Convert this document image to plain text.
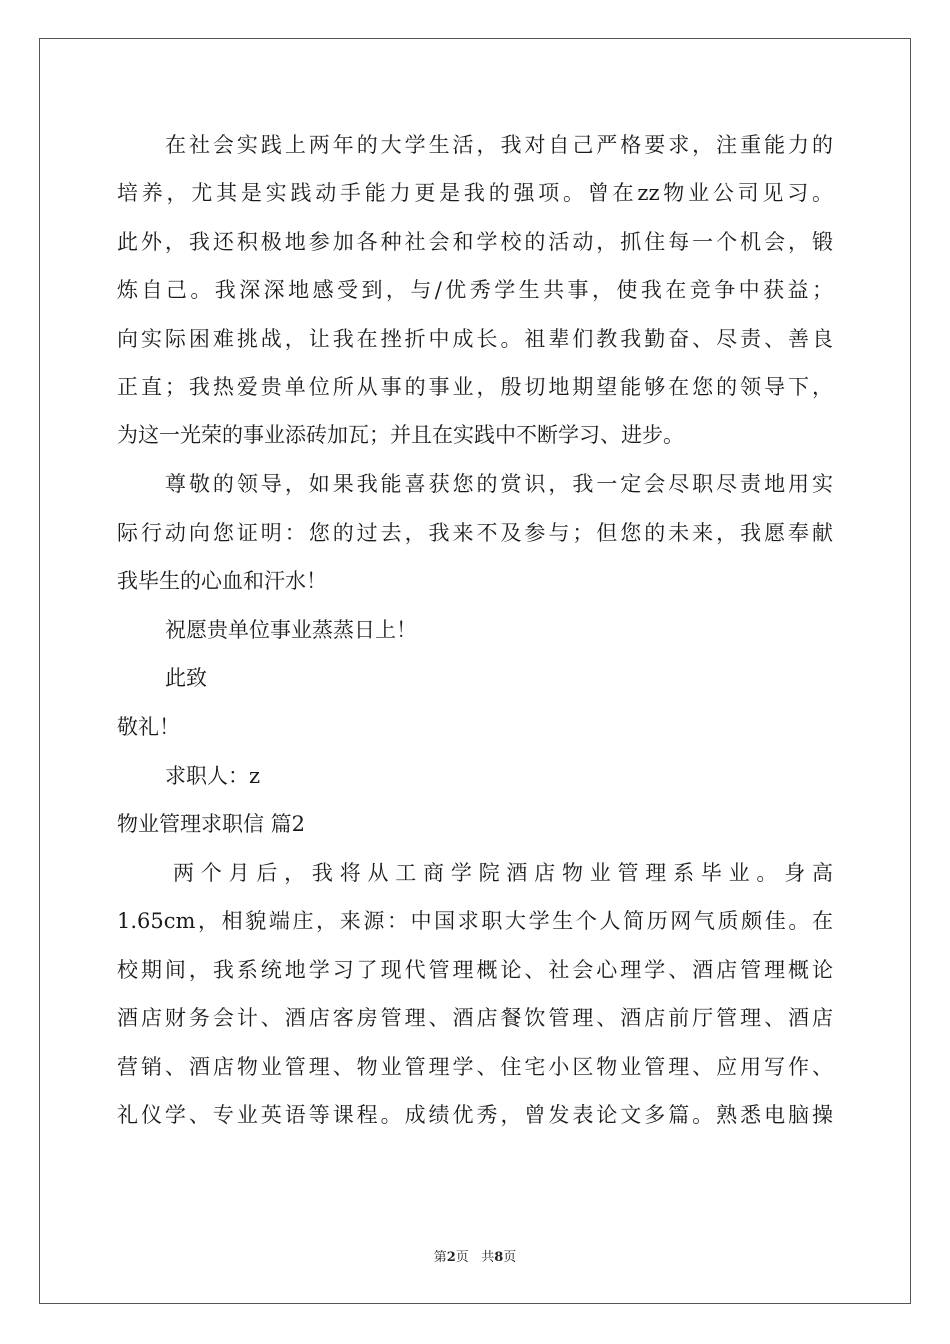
在社会实践上两年的大学生活，我对自己严格要求，注重能力的
培养，尤其是实践动手能力更是我的强项。曾在zz物业公司见习。
此外，我还积极地参加各种社会和学校的活动，抓住每一个机会，锻
炼自己。我深深地感受到，与/优秀学生共事，使我在竞争中获益；
向实际困难挑战，让我在挫折中成长。祖辈们教我勤奋、尽责、善良
正直；我热爱贵单位所从事的事业，殷切地期望能够在您的领导下，
为这一光荣的事业添砖加瓦；并且在实践中不断学习、进步。
尊敬的领导，如果我能喜获您的赏识，我一定会尽职尽责地用实
际行动向您证明：您的过去，我来不及参与；但您的未来，我愿奉献
我毕生的心血和汗水！
祝愿贵单位事业蒸蒸日上！
此致
敬礼！
求职人：z
物业管理求职信 篇2
两个月后，我将从工商学院酒店物业管理系毕业。身高
1.65cm，相貌端庄，来源：中国求职大学生个人简历网气质颇佳。在
校期间，我系统地学习了现代管理概论、社会心理学、酒店管理概论
酒店财务会计、酒店客房管理、酒店餐饮管理、酒店前厅管理、酒店
营销、酒店物业管理、物业管理学、住宅小区物业管理、应用写作、
礼仪学、专业英语等课程。成绩优秀，曾发表论文多篇。熟悉电脑操
第2页   共8页
